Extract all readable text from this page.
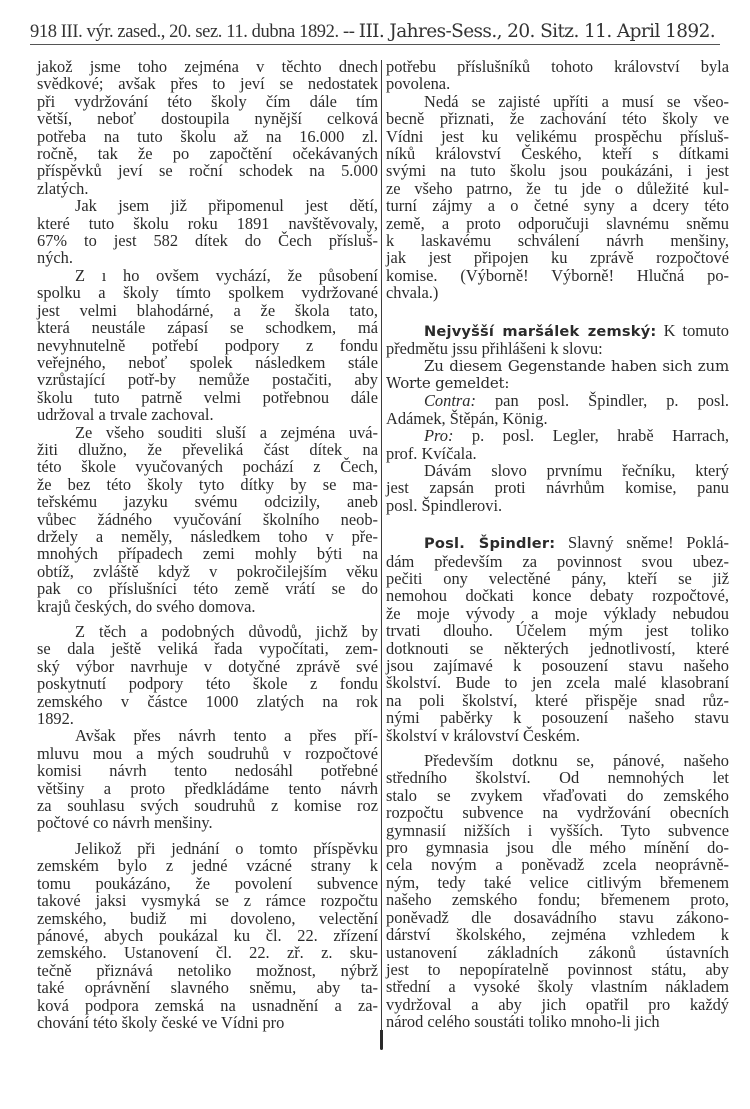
918 III. výr. zased., 20. sez. 11. dubna 1892. -- III. Jahres-Sess., 20. Sitz. 11. April 1892.

jakož jsme toho zejména v těchto dnech
svědkové; avšak přes to jeví se nedostatek
při vydržování této školy čím dále tím
větší, neboť dostoupila nynější celková
potřeba na tuto školu až na 16.000 zl.
ročně, tak že po započtění očekávaných
příspěvků jeví se roční schodek na 5.000
zlatých.

Jak jsem již připomenul jest dětí,
které tuto školu roku 1891 navštěvovaly,
67% to jest 582 dítek do Čech přísluš-
ných.

Z ı ho ovšem vychází, že působení
spolku a školy tímto spolkem vydržované
jest velmi blahodárné, a že škola tato,
která neustále zápasí se schodkem, má
nevyhnutelně potřebí podpory z fondu
veřejného, neboť spolek následkem stále
vzrůstající potř-by nemůže postačiti, aby
školu tuto patrně velmi potřebnou dále
udržoval a trvale zachoval.

Ze všeho souditi sluší a zejména uvá-
žiti dlužno, že převeliká část dítek na
této škole vyučovaných pochází z Čech,
že bez této školy tyto dítky by se ma-
teřskému jazyku svému odcizily, aneb
vůbec žádného vyučování školního neob-
držely a neměly, následkem toho v pře-
mnohých případech zemi mohly býti na
obtíž, zvláště když v pokročilejším věku
pak co příslušníci této země vrátí se do
krajů českých, do svého domova.

Z těch a podobných důvodů, jichž by
se dala ještě veliká řada vypočítati, zem-
ský výbor navrhuje v dotyčné zprávě své
poskytnutí podpory této škole z fondu
zemského v částce 1000 zlatých na rok
1892.

Avšak přes návrh tento a přes pří-
mluvu mou a mých soudruhů v rozpočtové
komisi návrh tento nedosáhl potřebné
většiny a proto předkládáme tento návrh
za souhlasu svých soudruhů z komise roz
počtové co návrh menšiny.

Jelikož při jednání o tomto příspěvku
zemském bylo z jedné vzácné strany k
tomu poukázáno, že povolení subvence
takové jaksi vysmyká se z rámce rozpočtu
zemského, budiž mi dovoleno, velectění
pánové, abych poukázal ku čl. 22. zřízení
zemského. Ustanovení čl. 22. zř. z. sku-
tečně přiznává netoliko možnost, nýbrž
také oprávnění slavného sněmu, aby ta-
ková podpora zemská na usnadnění a za-
chování této školy české ve Vídni pro

potřebu příslušníků tohoto království byla
povolena.

Nedá se zajisté upříti a musí se všeo-
becně přiznati, že zachování této školy ve
Vídni jest ku velikému prospěchu přísluš-
níků království Českého, kteří s dítkami
svými na tuto školu jsou poukázáni, i jest
ze všeho patrno, že tu jde o důležité kul-
turní zájmy a o četné syny a dcery této
země, a proto odporučuji slavnému sněmu
k laskavému schválení návrh menšiny,
jak jest připojen ku zprávě rozpočtové
komise. (Výborně! Výborně! Hlučná po-
chvala.)

Nejvyšší maršálek zemský: K tomuto
předmětu jssu přihlášeni k slovu:
Zu diesem Gegenstande haben sich zum
Worte gemeldet:
Contra: pan posl. Špindler, p. posl.
Adámek, Štěpán, König.
Pro: p. posl. Legler, hrabě Harrach,
prof. Kvíčala.
Dávám slovo prvnímu řečníku, který
jest zapsán proti návrhům komise, panu
posl. Špindlerovi.

Posl. Špindler: Slavný sněme! Poklá-
dám především za povinnost svou ubez-
pečiti ony velectěné pány, kteří se již
nemohou dočkati konce debaty rozpočtové,
že moje vývody a moje výklady nebudou
trvati dlouho. Účelem mým jest toliko
dotknouti se některých jednotlivostí, které
jsou zajímavé k posouzení stavu našeho
školství. Bude to jen zcela malé klasobraní
na poli školství, které přispěje snad růz-
nými paběrky k posouzení našeho stavu
školství v království Českém.

Především dotknu se, pánové, našeho
středního školství. Od nemnohých let
stalo se zvykem vřaďovati do zemského
rozpočtu subvence na vydržování obecních
gymnasií nižších i vyšších. Tyto subvence
pro gymnasia jsou dle mého mínění do-
cela novým a poněvadž zcela neoprávně-
ným, tedy také velice citlivým břemenem
našeho zemského fondu; břemenem proto,
poněvadž dle dosavádního stavu zákono-
dárství školského, zejména vzhledem k
ustanovení základních zákonů ústavních
jest to nepopíratelně povinnost státu, aby
střední a vysoké školy vlastním nákladem
vydržoval a aby jich opatřil pro každý
národ celého soustáti toliko mnoho-li jich
